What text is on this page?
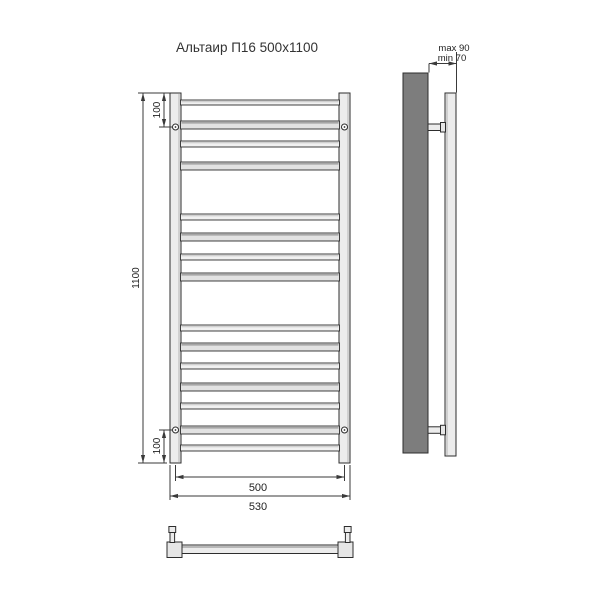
Альтаир П16 500x1100
1100
100
100
500
530
max 90
min 70
